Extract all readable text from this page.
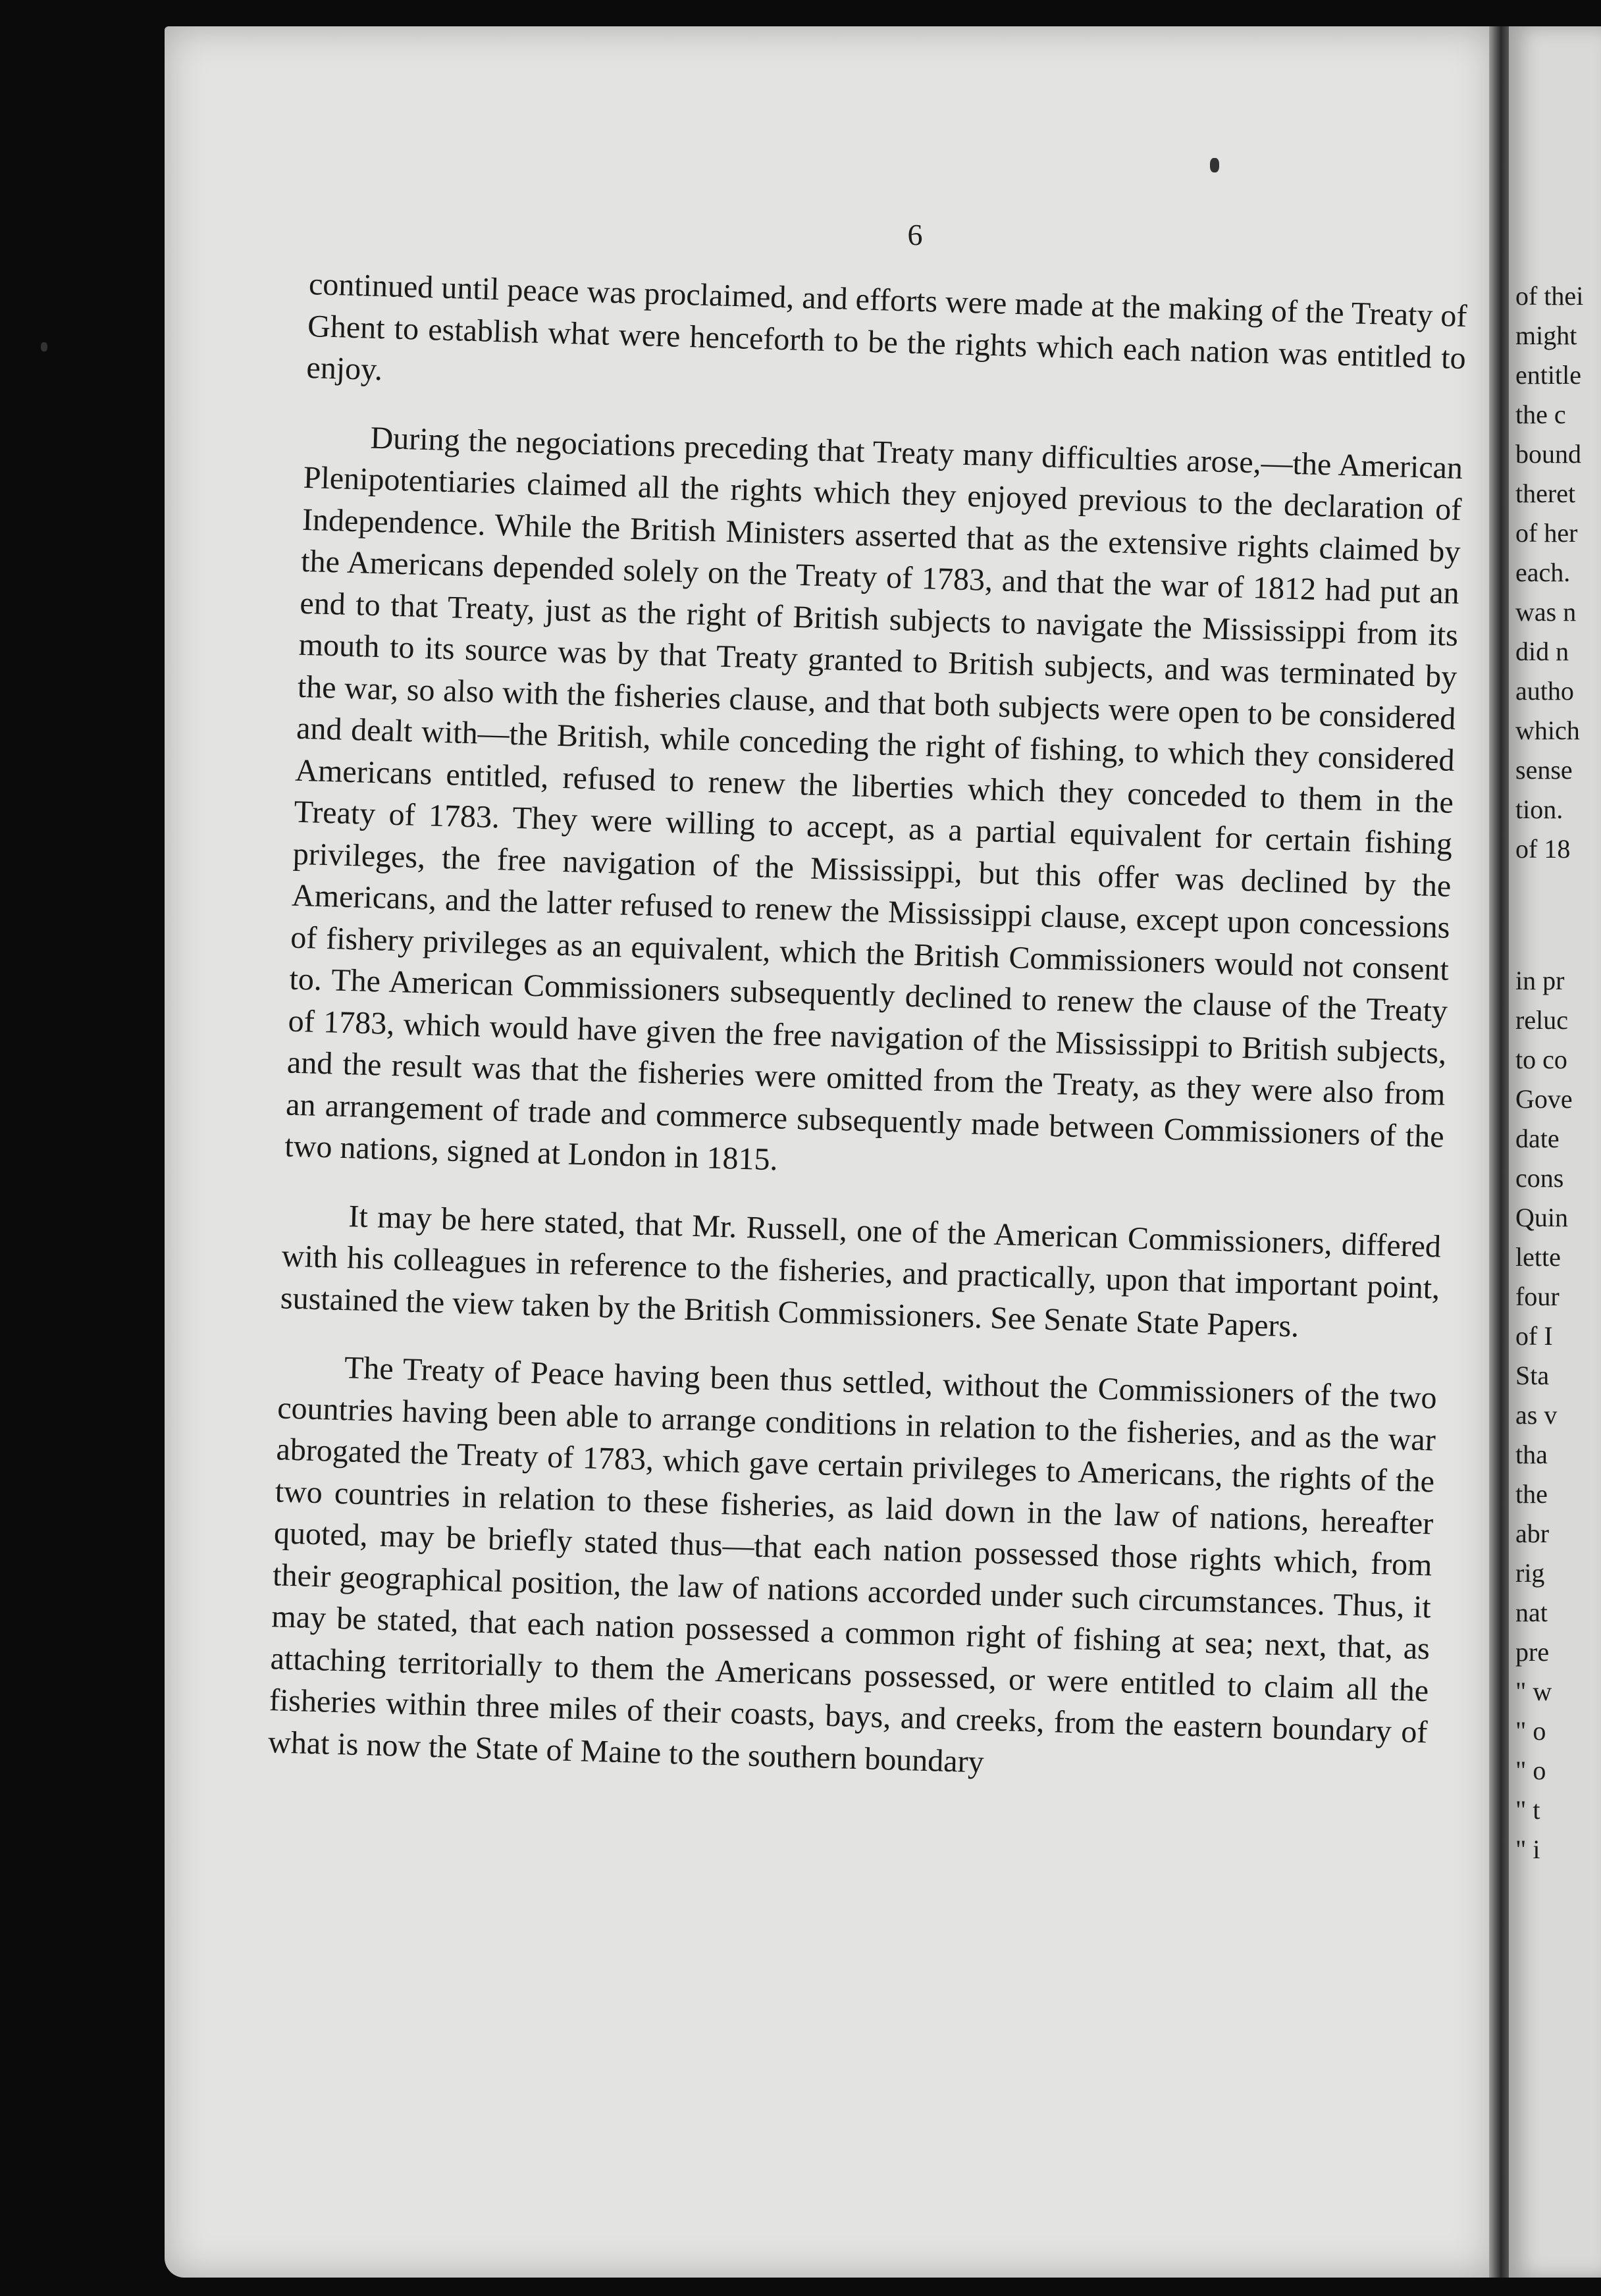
6

continued until peace was proclaimed, and efforts were made at the making of the Treaty of Ghent to establish what were henceforth to be the rights which each nation was entitled to enjoy.

During the negociations preceding that Treaty many difficulties arose,—the American Plenipotentiaries claimed all the rights which they enjoyed previous to the declaration of Independence. While the British Ministers asserted that as the extensive rights claimed by the Americans depended solely on the Treaty of 1783, and that the war of 1812 had put an end to that Treaty, just as the right of British subjects to navigate the Mississippi from its mouth to its source was by that Treaty granted to British subjects, and was terminated by the war, so also with the fisheries clause, and that both subjects were open to be considered and dealt with—the British, while conceding the right of fishing, to which they considered Americans entitled, refused to renew the liberties which they conceded to them in the Treaty of 1783. They were willing to accept, as a partial equivalent for certain fishing privileges, the free navigation of the Mississippi, but this offer was declined by the Americans, and the latter refused to renew the Mississippi clause, except upon concessions of fishery privileges as an equivalent, which the British Commissioners would not consent to. The American Commissioners subsequently declined to renew the clause of the Treaty of 1783, which would have given the free navigation of the Mississippi to British subjects, and the result was that the fisheries were omitted from the Treaty, as they were also from an arrangement of trade and commerce subsequently made between Commissioners of the two nations, signed at London in 1815.

It may be here stated, that Mr. Russell, one of the American Commissioners, differed with his colleagues in reference to the fisheries, and practically, upon that important point, sustained the view taken by the British Commissioners. See Senate State Papers.

The Treaty of Peace having been thus settled, without the Commissioners of the two countries having been able to arrange conditions in relation to the fisheries, and as the war abrogated the Treaty of 1783, which gave certain privileges to Americans, the rights of the two countries in relation to these fisheries, as laid down in the law of nations, hereafter quoted, may be briefly stated thus—that each nation possessed those rights which, from their geographical position, the law of nations accorded under such circumstances. Thus, it may be stated, that each nation possessed a common right of fishing at sea; next, that, as attaching territorially to them the Americans possessed, or were entitled to claim all the fisheries within three miles of their coasts, bays, and creeks, from the eastern boundary of what is now the State of Maine to the southern boundary

of thei
might
entitle
the c
bound
theret
of her
each.
was n
did n
autho
which
sense
tion.
of 18
in pr
reluc
to co
Gove
date
cons
Quin
lette
four
of I
Sta
as v
tha
the
abr
rig
nat
pre
" w
" o
" o
" t
" i
